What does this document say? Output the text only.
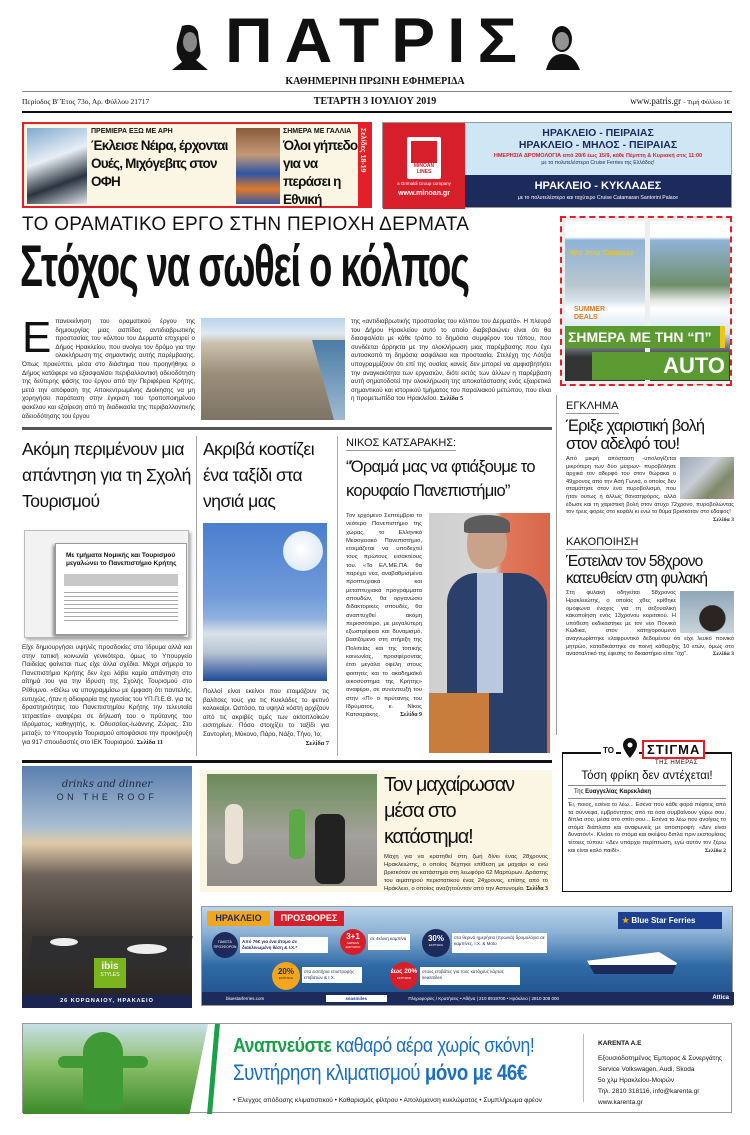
ΠΑΤΡΙΣ
ΚΑΘΗΜΕΡΙΝΗ ΠΡΩΙΝΗ ΕΦΗΜΕΡΙΔΑ
Περίοδος Β' Έτος 73ο, Αρ. Φύλλου 21717	ΤΕΤΑΡΤΗ 3 ΙΟΥΛΙΟΥ 2019	www.patris.gr - Τιμή Φύλλου 1€
ΠΡΕΜΙΕΡΑ ΕΞΩ ΜΕ ΑΡΗ
Έκλεισε Νέιρα, έρχονται Ουές, Μιχόγεβιτς στον ΟΦΗ
ΣΗΜΕΡΑ ΜΕ ΓΑΛΛΙΑ
Όλοι γήπεδο για να περάσει η Εθνική
Σελίδες 18-19	MINOAN LINES
a Grimaldi Group company
www.minoan.gr
ΗΡΑΚΛΕΙΟ - ΠΕΙΡΑΙΑΣ
ΗΡΑΚΛΕΙΟ - ΜΗΛΟΣ - ΠΕΙΡΑΙΑΣ
ΗΜΕΡΗΣΙΑ ΔΡΟΜΟΛΟΓΙΑ από 20/6 έως 15/9, κάθε Πέμπτη & Κυριακή στις 11:00
με τα πολυτελέστερα Cruise Ferries της Ελλάδος!
ΗΡΑΚΛΕΙΟ - ΚΥΚΛΑΔΕΣ
με το πολυτελέστερο και ταχύτερο Cruise Catamaran Santorini Palace
ΤΟ ΟΡΑΜΑΤΙΚΟ ΕΡΓΟ ΣΤΗΝ ΠΕΡΙΟΧΗ ΔΕΡΜΑΤΑ
Στόχος να σωθεί ο κόλπος
Επανεκκίνηση του οραματικού έργου της δημιουργίας μιας ασπίδας αντιδιαβρωτικής προστασίας του κόλπου του Δερματά επιχειρεί ο Δήμος Ηρακλείου, που ανοίγει τον δρόμο για την ολοκλήρωση της σημαντικής αυτής παρέμβασης. Όπως προκύπτει, μέσα στο διάστημα που προηγήθηκε ο Δήμος κατάφερε να εξασφαλίσει περιβαλλοντική αδειοδότηση της δεύτερης φάσης του έργου από την Περιφέρεια Κρήτης, μετά την απόφαση της Αποκεντρωμένης Διοίκησης να μη χορηγήσει παράταση στην έγκριση του τροποποιημένου φακέλου και εξαίρεση από τη διαδικασία της περιβαλλοντικής αδειοδότησης του έργου
της «αντιδιαβρωτικής προστασίας του κόλπου του Δερματά». Η πλευρά του Δήμου Ηρακλείου αυτό το οποίο διαβεβαιώνει είναι ότι θα διασφαλίσει με κάθε τρόπο το δημόσιο συμφέρον του τόπου, που συνδέεται άρρηκτα με την ολοκλήρωση μιας παρέμβασης που έχει αυτοσκοπό τη δημόσια ασφάλεια και προστασία. Στελέχη της Λότζια υπογραμμίζουν ότι επί της ουσίας κανείς δεν μπορεί να αμφισβητήσει την αναγκαιότητα των εργασιών, διότι εκτός των άλλων η παρέμβαση αυτή σηματοδοτεί την ολοκλήρωση της αποκατάστασης ενός εξαιρετικά σημαντικού και ιστορικού τμήματος του παραλιακού μετώπου, που είναι η προμετωπίδα του Ηρακλείου. Σελίδα 5
Νέο Jeep Compass
SUMMER DEALS
ΣΗΜΕΡΑ ΜΕ ΤΗΝ “Π”
AUTO MOTO
ΕΓΚΛΗΜΑ
Έριξε χαριστική βολή στον αδελφό του!
Από μικρή απόσταση -υπολογίζεται μικρότερη των δύο μέτρων- πυροβόλησε αρχικά τον αδερφό του στον θώρακα ο 49χρονος από την Ασή Γωνιά, ο οποίος δεν σταμάτησε στον ένα πυροβολισμό, που ήταν ούτως ή άλλως θανατηφόρος, αλλά έδωσε και τη χαριστική βολή στον άτυχο 72χρονο, πυροβολώντας τον τρεις φορές στο κεφάλι κι ενώ το θύμα βρισκόταν στο έδαφος!
Σελίδα 3
ΚΑΚΟΠΟΙΗΣΗ
Έστειλαν τον 58χρονο κατευθείαν στη φυλακή
Στη φυλακή οδηγείται 58χρονος Ηρακλειώτης, ο οποίος χθες κρίθηκε ομόφωνα ένοχος για τη σεξουαλική κακοποίηση ενός 13χρονου κοριτσιού. Η υπόθεση εκδικάστηκε με τον νέο Ποινικό Κώδικα, στον κατηγορούμενο αναγνωρίστηκε ελαφρυντικό δεδομένου ότι είχε λευκό ποινικό μητρώο, καταδικάστηκε σε ποινή κάθειρξης 10 ετών, όμως στο ανασταλτικό της έφεσης το δικαστήριο είπε “όχι”.	Σελίδα 3
ΤΟ	ΣΤΙΓΜΑ
ΤΗΣ ΗΜΕΡΑΣ
Τόση φρίκη δεν αντέχεται!
Της Ευαγγελίας Καρεκλάκη
Έι, ποιος, εσένα το λέω... Εσένα που κάθε φορά πέφτεις από τα σύννεφα, εμβρόντητος από τα όσα συμβαίνουν γύρω σου, δίπλα σου, μέσα στο σπίτι σου... Εσένα το λέω που ανοίγεις το στόμα διάπλατα και αναφωνείς με αποστροφή: «Δεν είναι δυνατόν!». Κλείσε το στόμα και σκέψου διπλά πριν εκστομίσεις τέτοιες τύπου: «Δεν υπάρχει περίπτωση, εγώ αυτόν τον ξέρω και είναι καλό παιδί».	Σελίδα 2
Ακόμη περιμένουν μια απάντηση για τη Σχολή Τουρισμού
Με τμήματα Νομικής και Τουρισμού μεγαλώνει το Πανεπιστήμιο Κρήτης
Είχε δημιουργήσει υψηλές προσδοκίες στο Ίδρυμα αλλά και στην τοπική κοινωνία γενικότερα, όμως το Υπουργείο Παιδείας φαίνεται πως είχε άλλα σχέδια. Μέχρι σήμερα το Πανεπιστήμιο Κρήτης δεν έχει λάβει καμία απάντηση στο αίτημά του για την ίδρυση της Σχολής Τουρισμού στο Ρέθυμνο. «Θέλω να υπογραμμίσω με έμφαση ότι παντελής, ευτυχώς, ήταν η αδιαφορία της ηγεσίας του ΥΠ.Π.Ε.Θ. για τις δραστηριότητες του Πανεπιστημίου Κρήτης την τελευταία τετραετία» αναφέρει σε δήλωσή του ο πρύτανης του Ιδρύματος, καθηγητής, κ. Οδυσσέας-Ιωάννης Ζώρας. Στο μεταξύ, το Υπουργείο Τουρισμού αποφάσισε την προκήρυξη για 917 σπουδαστές στο ΙΕΚ Τουρισμού. Σελίδα 11
Ακριβά κοστίζει ένα ταξίδι στα νησιά μας
Πολλοί είναι εκείνοι που ετοιμάζουν τις βαλίτσες τους για τις Κυκλάδες το φετινό καλοκαίρι. Ωστόσο, τα υψηλά κόστη αρχίζουν από τις ακριβές τιμές των ακτοπλοϊκών εισιτηρίων. Πόσο στοιχίζει το ταξίδι για Σαντορίνη, Μύκονο, Πάρο, Νάξο, Τήνο, Ίο;
Σελίδα 7
ΝΙΚΟΣ ΚΑΤΣΑΡΑΚΗΣ:
“Όραμά μας να φτιάξουμε το κορυφαίο Πανεπιστήμιο”
Τον ερχόμενο Σεπτέμβριο το νεότερο Πανεπιστήμιο της χώρας, το Ελληνικό Μεσογειακό Πανεπιστήμιο, ετοιμάζεται να υποδεχτεί τους πρώτους εισακτέους του. «Το ΕΛ.ΜΕ.ΠΑ. θα παρέχει νέα, αναβαθμισμένα προπτυχιακά και μεταπτυχιακά προγράμματα σπουδών, θα οργανώσει διδακτορικές σπουδές, θα αναπτυχθεί ακόμη περισσότερο, με μεγαλύτερη εξωστρέφεια και δυναμισμό, βασιζόμενο στη στήριξη της Πολιτείας και της τοπικής κοινωνίας, προσφέροντας έτσι μεγάλα οφέλη στους φοιτητές και το ακαδημαϊκό οικοσύστημα της Κρήτης» αναφέρει, σε συνέντευξή του στην «Π» ο πρύτανης του Ιδρύματος, κ. Νίκος Κατσαράκης.	Σελίδα 9
drinks and dinner
ON THE ROOF
ibis
STYLES
26 ΚΟΡΩΝΑΙΟΥ, ΗΡΑΚΛΕΙΟ
Τον μαχαίρωσαν μέσα στο κατάστημα!
Μάχη για να κρατηθεί στη ζωή δίνει ένας 28χρονος Ηρακλειώτης, ο οποίος δέχτηκε επίθεση με μαχαίρι κι ενώ βρισκόταν σε κατάστημα στη λεωφόρο 62 Μαρτύρων. Δράστης του αιματηρού περιστατικού ένας 24χρονος, επίσης από το Ηράκλειο, ο οποίος αναζητούνταν από την Αστυνομία. Σελίδα 3
ΗΡΑΚΛΕΙΟ	ΠΡΟΣΦΟΡΕΣ
ΠΑΚΕΤΑ ΠΡΟΣΦΟΡΩΝ
Από 76€ για ένα άτομο σε διακλινωμένη θέση & Ι.Χ.*
3+1
ΔΩΡΕΑΝ ΕΙΣΙΤΗΡΙΟ
σε 4κλινη καμπίνα	30%
ΕΚΠΤΩΣΗ
στα θερινά ημερήσια (πρωινά) δρομολόγια σε καμπίνες, Ι.Χ. & Moto
20%
ΕΚΠΤΩΣΗ
στα εισιτήρια επιστροφής επιβατών & Ι.Χ.
έως 20%
ΕΚΠΤΩΣΗ
στους επιβάτες για τους κατόχους κάρτας seasmiles
★ Blue Star Ferries
bluestarferries.com	seasmiles	Πληροφορίες / Κρατήσεις • Αθήνα | 210 8919700 • Ηράκλειο | 2810 308 000	Attica
Αναπνεύστε καθαρό αέρα χωρίς σκόνη!
Συντήρηση κλιματισμού μόνο με 46€
• Έλεγχος απόδοσης κλιματιστικού • Καθαρισμός φίλτρου • Απολύμανση κυκλώματος • Συμπλήρωμα φρέον
KARENTA A.E
Εξουσιοδοτημένος Έμπορος & Συνεργάτης
Service Volkswagen, Audi, Skoda
5ο χλμ Ηρακλείου-Μοιρών
Τηλ. 2810 318116, info@karenta.gr
www.karenta.gr
